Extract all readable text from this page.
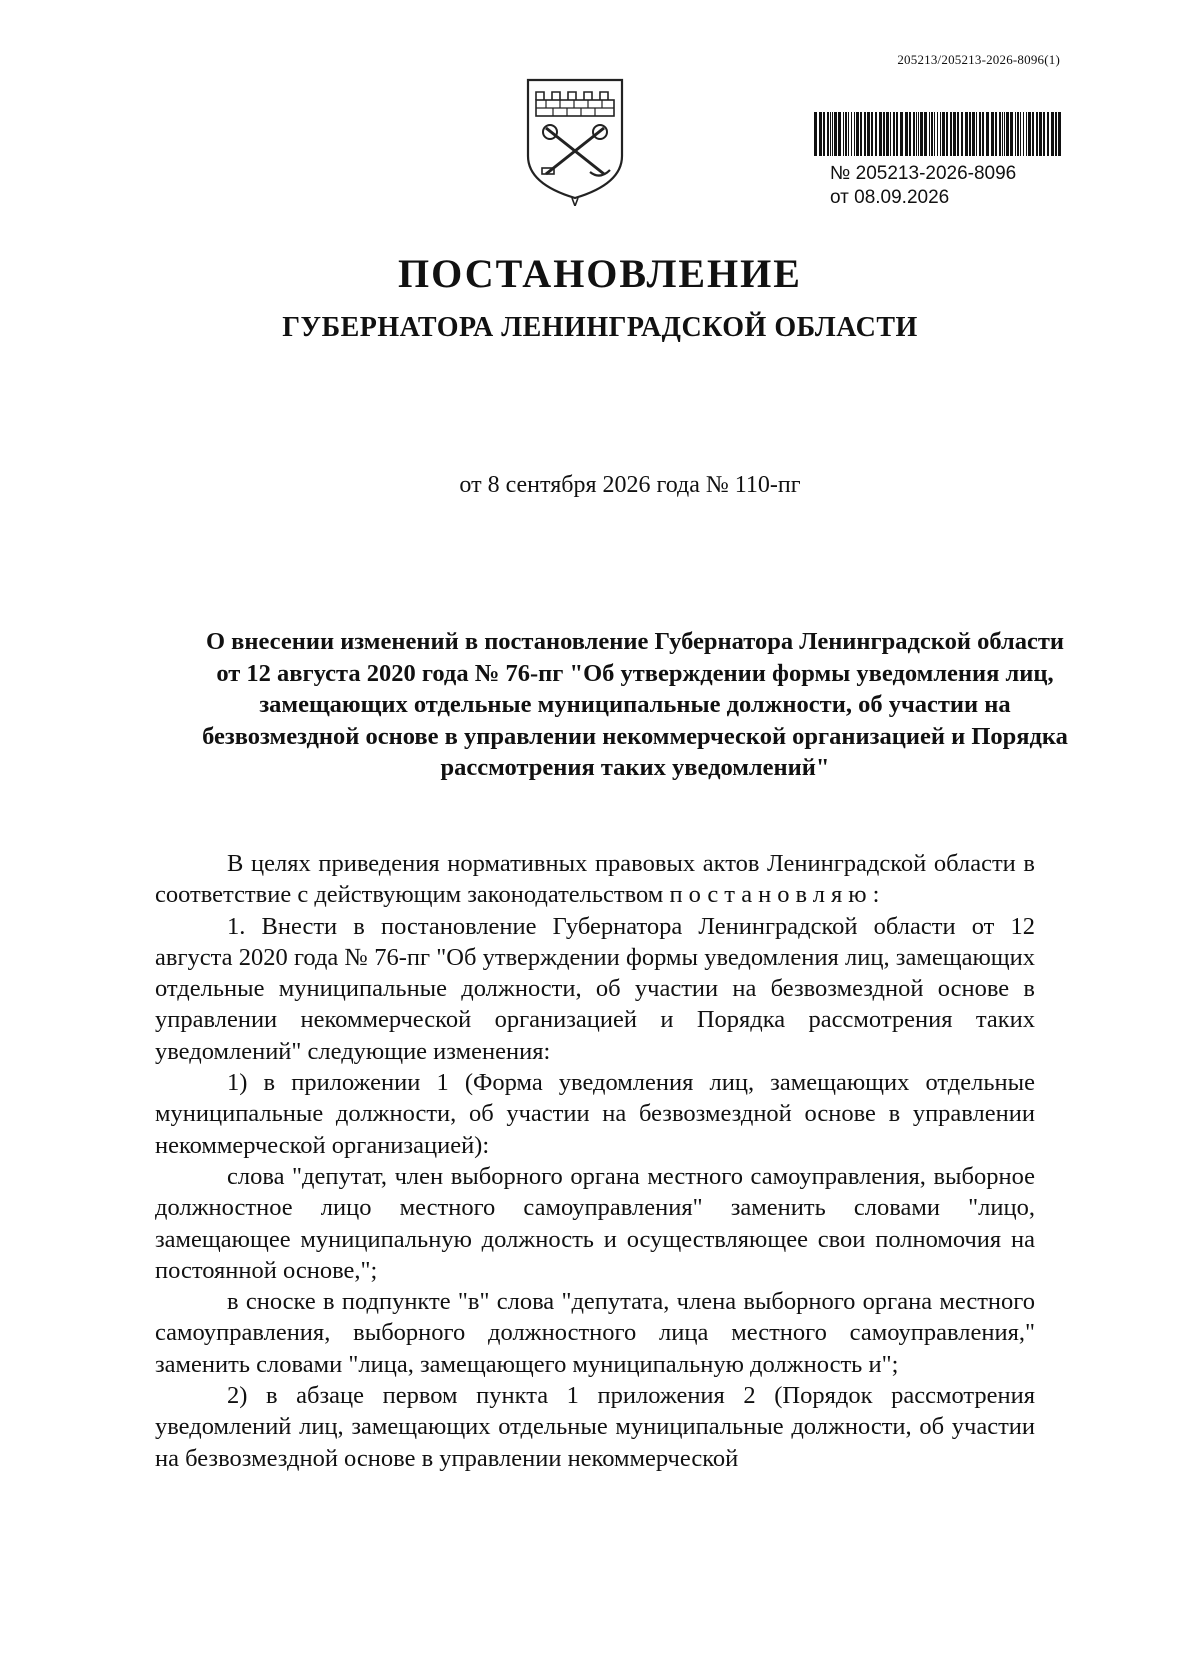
205213/205213-2026-8096(1)
№ 205213-2026-8096
от 08.09.2026
ПОСТАНОВЛЕНИЕ
ГУБЕРНАТОРА ЛЕНИНГРАДСКОЙ ОБЛАСТИ
от 8 сентября 2026 года № 110-пг
О внесении изменений в постановление Губернатора Ленинградской области от 12 августа 2020 года № 76-пг "Об утверждении формы уведомления лиц, замещающих отдельные муниципальные должности, об участии на безвозмездной основе в управлении некоммерческой организацией и Порядка рассмотрения таких уведомлений"

В целях приведения нормативных правовых актов Ленинградской области в соответствие с действующим законодательством постановляю:

1. Внести в постановление Губернатора Ленинградской области от 12 августа 2020 года № 76-пг "Об утверждении формы уведомления лиц, замещающих отдельные муниципальные должности, об участии на безвозмездной основе в управлении некоммерческой организацией и Порядка рассмотрения таких уведомлений" следующие изменения:

1) в приложении 1 (Форма уведомления лиц, замещающих отдельные муниципальные должности, об участии на безвозмездной основе в управлении некоммерческой организацией):

слова "депутат, член выборного органа местного самоуправления, выборное должностное лицо местного самоуправления" заменить словами "лицо, замещающее муниципальную должность и осуществляющее свои полномочия на постоянной основе,";

в сноске в подпункте "в" слова "депутата, члена выборного органа местного самоуправления, выборного должностного лица местного самоуправления," заменить словами "лица, замещающего муниципальную должность и";

2) в абзаце первом пункта 1 приложения 2 (Порядок рассмотрения уведомлений лиц, замещающих отдельные муниципальные должности, об участии на безвозмездной основе в управлении некоммерческой
